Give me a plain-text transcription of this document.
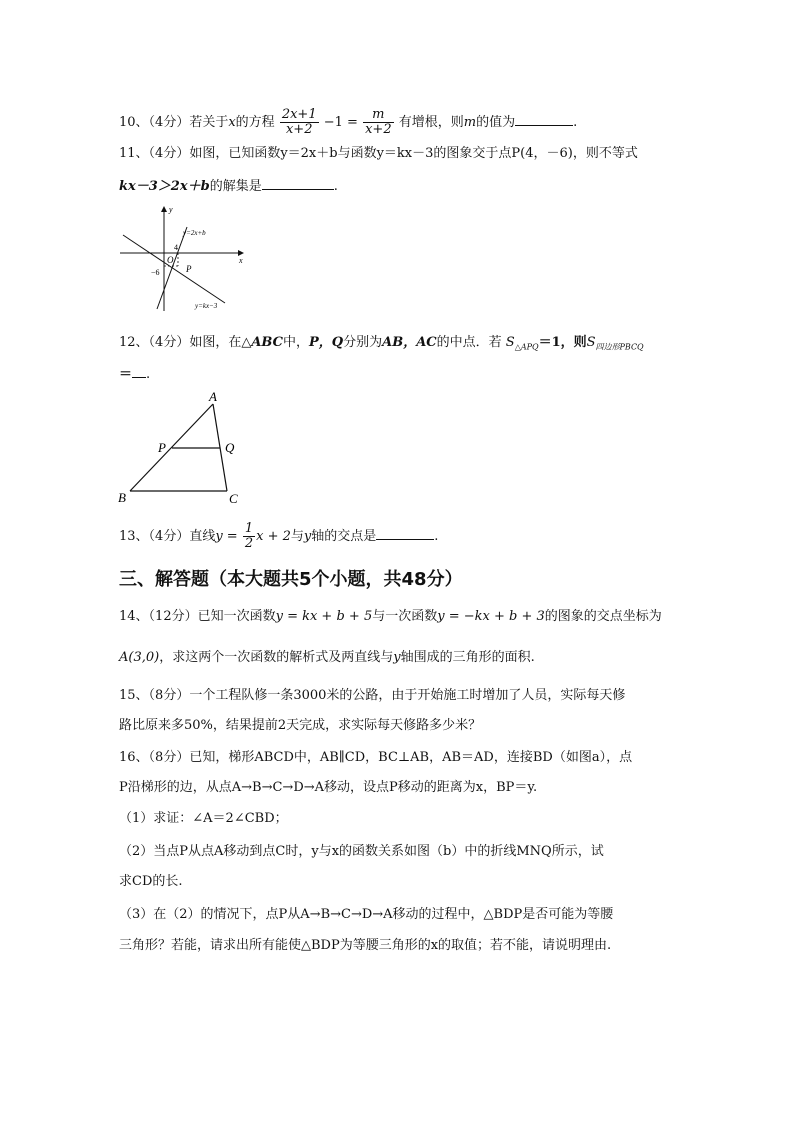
10、（4分）若关于x的方程 $\frac{2x+1}{x+2} -1 = \frac{m}{x+2}$ 有增根，则m的值为	.
11、（4分）如图，已知函数y＝2x＋b与函数y＝kx－3的图象交于点P(4，－6)，则不等式
kx－3＞2x＋b的解集是	.
y
x
O
4
−6	P
y=2x+b
y=kx−3
12、（4分）如图，在△ABC中，P，Q分别为AB，AC的中点．若 $S_{\triangle APQ}=1$，则$S_{四边形PBCQ}$
＝ .
A
P	Q
B	C
13、（4分）直线$y = \frac{1}{2}$ x + 2与y轴的交点是	.
三、解答题（本大题共5个小题，共48分）
14、（12分）已知一次函数y = kx + b + 5与一次函数y = −kx + b + 3的图象的交点坐标为
A(3,0)，求这两个一次函数的解析式及两直线与y轴围成的三角形的面积.
15、（8分）一个工程队修一条3000米的公路，由于开始施工时增加了人员，实际每天修
路比原来多50%，结果提前2天完成，求实际每天修路多少米？
16、（8分）已知，梯形ABCD中，AB∥CD，BC⊥AB，AB＝AD，连接BD（如图a），点
P沿梯形的边，从点A→B→C→D→A移动，设点P移动的距离为x，BP＝y.
（1）求证：∠A＝2∠CBD；
（2）当点P从点A移动到点C时，y与x的函数关系如图（b）中的折线MNQ所示，试
求CD的长.
（3）在（2）的情况下，点P从A→B→C→D→A移动的过程中，△BDP是否可能为等腰
三角形？若能，请求出所有能使△BDP为等腰三角形的x的取值；若不能，请说明理由.
